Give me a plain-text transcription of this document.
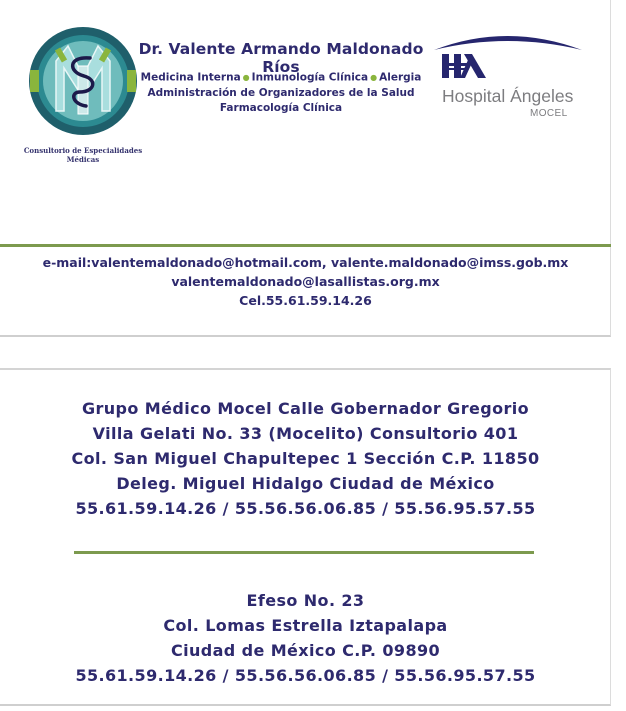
Consultorio de Especialidades
Médicas
Dr. Valente Armando Maldonado Ríos
Medicina Interna ● Inmunología Clínica ● Alergia
Administración de Organizadores de la Salud
Farmacología Clínica
Hospital Ángeles
MOCEL
e-mail:valentemaldonado@hotmail.com, valente.maldonado@imss.gob.mx
valentemaldonado@lasallistas.org.mx
Cel.55.61.59.14.26
Grupo Médico Mocel Calle Gobernador Gregorio
Villa Gelati No. 33 (Mocelito) Consultorio 401
Col. San Miguel Chapultepec 1 Sección C.P. 11850
Deleg. Miguel Hidalgo Ciudad de México
55.61.59.14.26 / 55.56.56.06.85 / 55.56.95.57.55
Efeso No. 23
Col. Lomas Estrella Iztapalapa
Ciudad de México C.P. 09890
55.61.59.14.26 / 55.56.56.06.85 / 55.56.95.57.55
